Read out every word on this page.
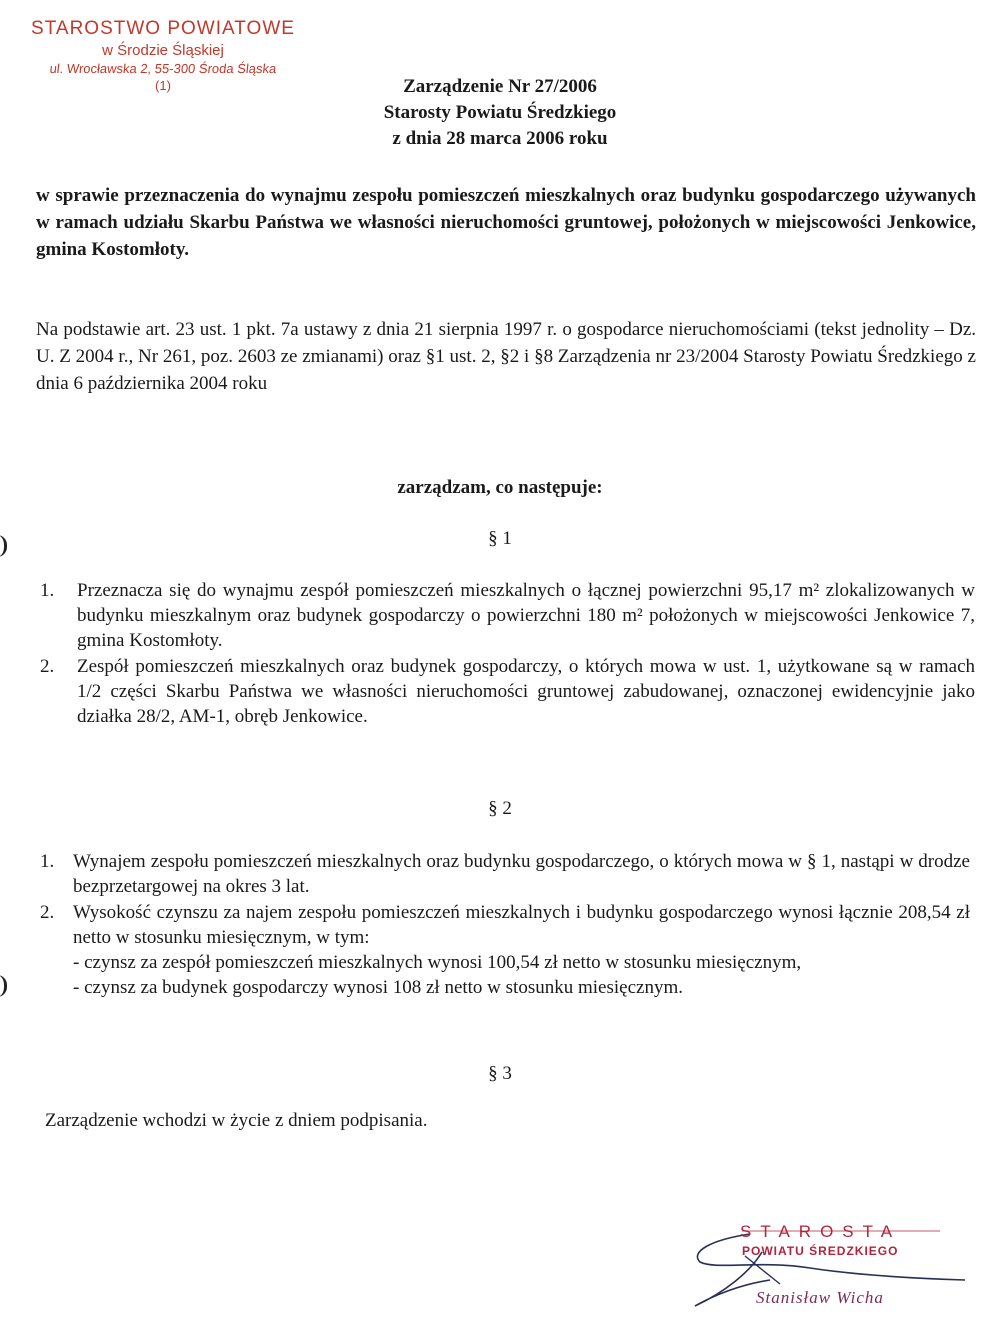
STAROSTWO POWIATOWE
w Środzie Śląskiej
ul. Wrocławska 2, 55-300 Środa Śląska
(1)	Zarządzenie Nr 27/2006
Starosty Powiatu Średzkiego
z dnia 28 marca 2006 roku
w sprawie przeznaczenia do wynajmu zespołu pomieszczeń mieszkalnych oraz budynku gospodarczego używanych w ramach udziału Skarbu Państwa we własności nieruchomości gruntowej, położonych w miejscowości Jenkowice, gmina Kostomłoty.
Na podstawie art. 23 ust. 1 pkt. 7a ustawy z dnia 21 sierpnia 1997 r. o gospodarce nieruchomościami (tekst jednolity – Dz. U. Z 2004 r., Nr 261, poz. 2603 ze zmianami) oraz §1 ust. 2, §2 i §8 Zarządzenia nr 23/2004 Starosty Powiatu Średzkiego z dnia 6 października 2004 roku
zarządzam, co następuje:
§ 1
1. Przeznacza się do wynajmu zespół pomieszczeń mieszkalnych o łącznej powierzchni 95,17 m² zlokalizowanych w budynku mieszkalnym oraz budynek gospodarczy o powierzchni 180 m² położonych w miejscowości Jenkowice 7, gmina Kostomłoty.
2. Zespół pomieszczeń mieszkalnych oraz budynek gospodarczy, o których mowa w ust. 1, użytkowane są w ramach 1/2 części Skarbu Państwa we własności nieruchomości gruntowej zabudowanej, oznaczonej ewidencyjnie jako działka 28/2, AM-1, obręb Jenkowice.
§ 2
1. Wynajem zespołu pomieszczeń mieszkalnych oraz budynku gospodarczego, o których mowa w § 1, nastąpi w drodze bezprzetargowej na okres 3 lat.
2. Wysokość czynszu za najem zespołu pomieszczeń mieszkalnych i budynku gospodarczego wynosi łącznie 208,54 zł netto w stosunku miesięcznym, w tym:
- czynsz za zespół pomieszczeń mieszkalnych wynosi 100,54 zł netto w stosunku miesięcznym,
- czynsz za budynek gospodarczy wynosi 108 zł netto w stosunku miesięcznym.
§ 3
Zarządzenie wchodzi w życie z dniem podpisania.
STAROSTA
POWIATU ŚREDZKIEGO
Stanisław Wicha
